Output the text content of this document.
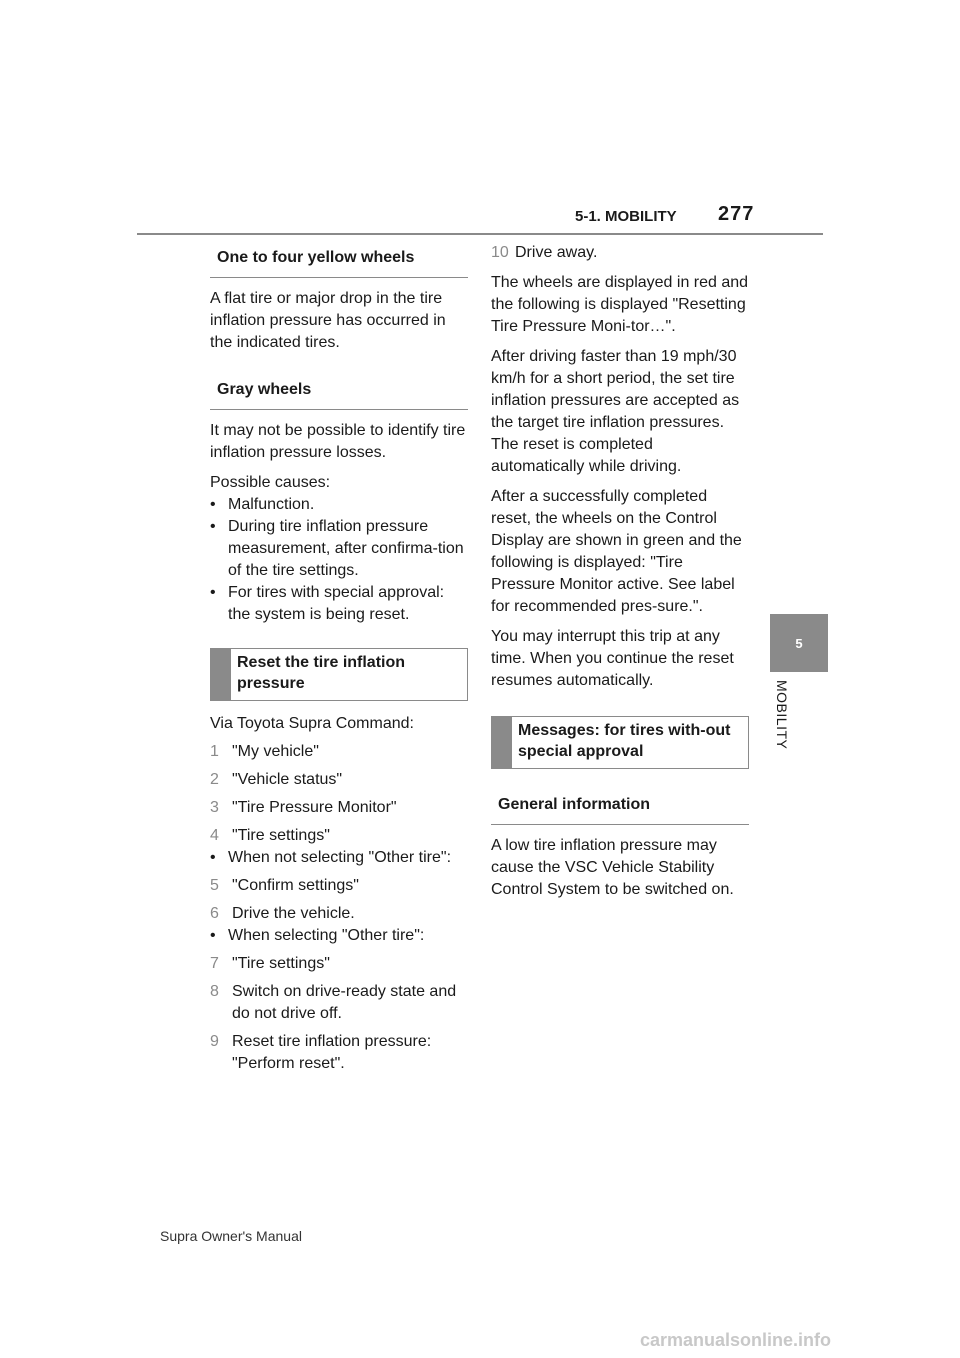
5-1. MOBILITY 277
5
MOBILITY
One to four yellow wheels

A flat tire or major drop in the tire inflation pressure has occurred in the indicated tires.

Gray wheels

It may not be possible to identify tire inflation pressure losses.

Possible causes:
• Malfunction.
• During tire inflation pressure measurement, after confirma-tion of the tire settings.
• For tires with special approval: the system is being reset.
Reset the tire inflation pressure

Via Toyota Supra Command:

1 "My vehicle"
2 "Vehicle status"
3 "Tire Pressure Monitor"
4 "Tire settings"
• When not selecting "Other tire":
5 "Confirm settings"
6 Drive the vehicle.
• When selecting "Other tire":
7 "Tire settings"
8 Switch on drive-ready state and do not drive off.
9 Reset tire inflation pressure: "Perform reset".
10 Drive away.

The wheels are displayed in red and the following is displayed "Resetting Tire Pressure Moni-tor…".

After driving faster than 19 mph/30 km/h for a short period, the set tire inflation pressures are accepted as the target tire inflation pressures. The reset is completed automatically while driving.

After a successfully completed reset, the wheels on the Control Display are shown in green and the following is displayed: "Tire Pressure Monitor active. See label for recommended pres-sure.".

You may interrupt this trip at any time. When you continue the reset resumes automatically.

Messages: for tires with-out special approval
General information

A low tire inflation pressure may cause the VSC Vehicle Stability Control System to be switched on.

Supra Owner's Manual
carmanualsonline.info
